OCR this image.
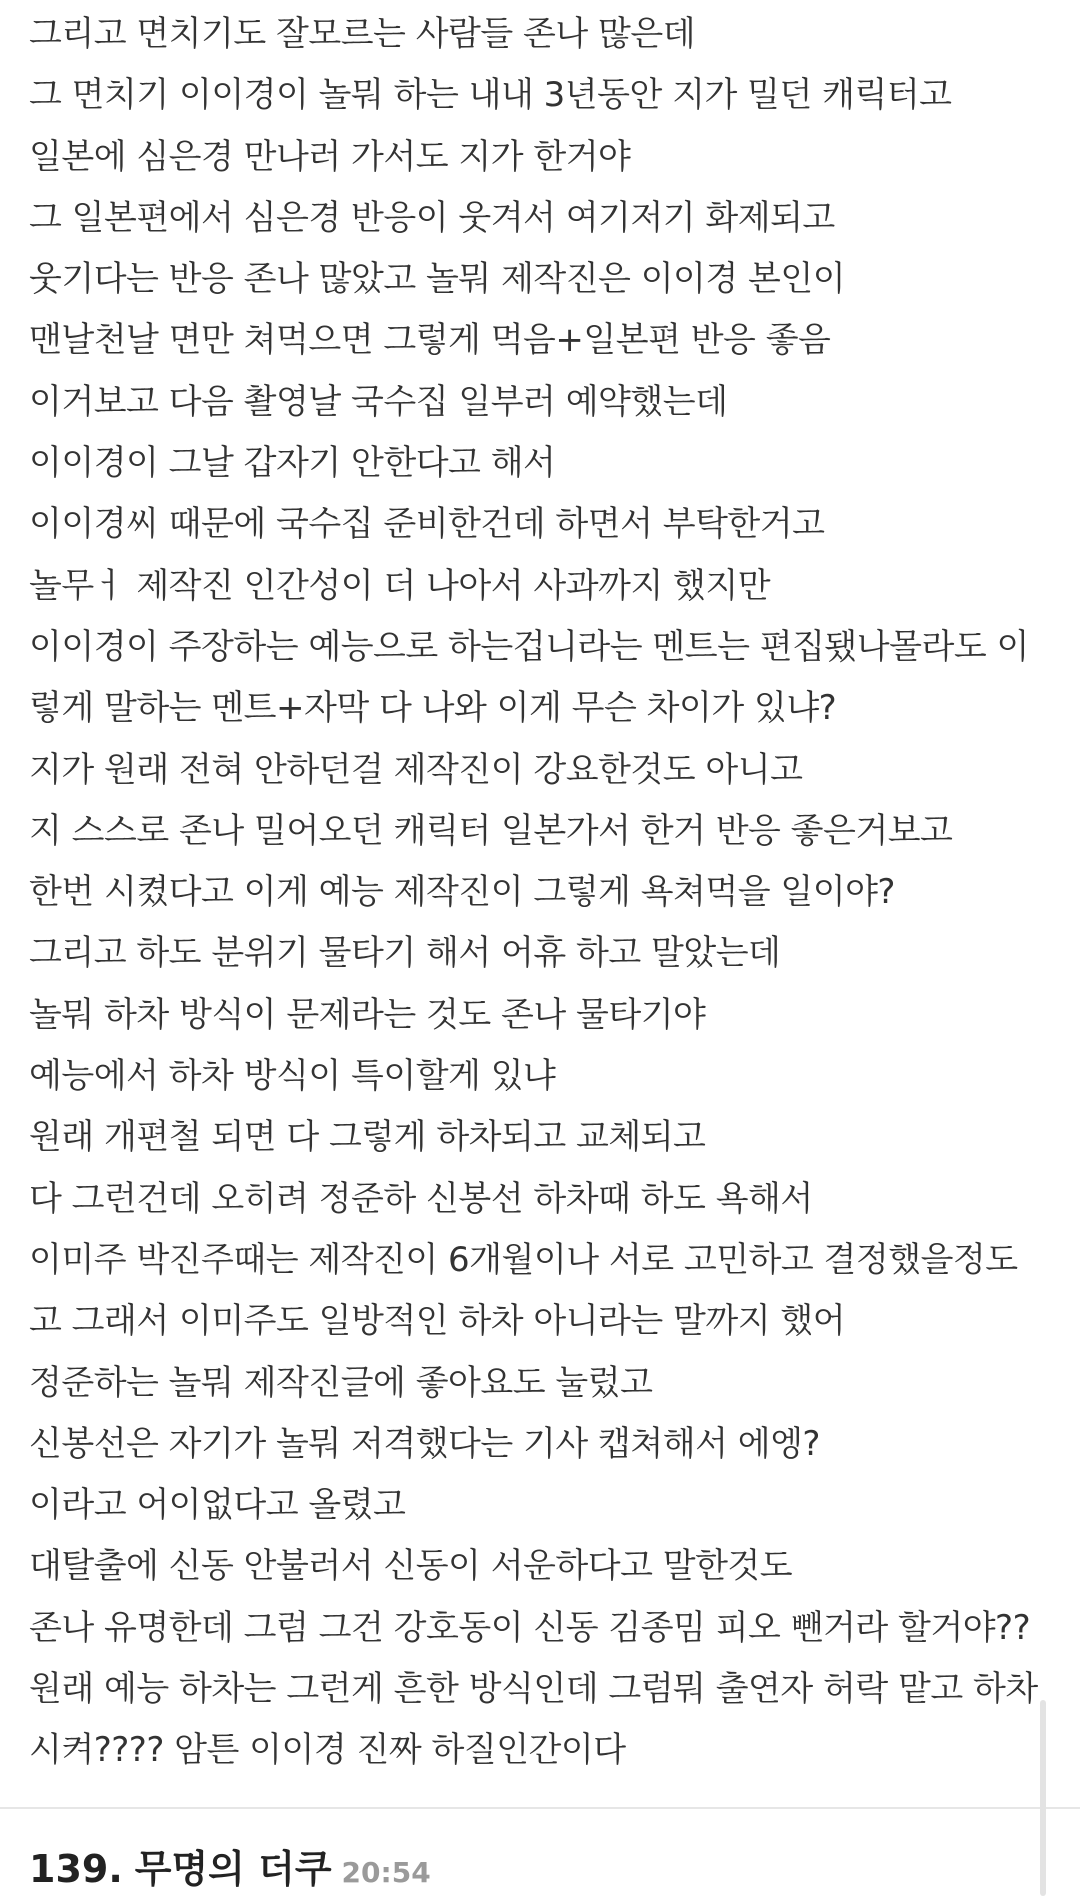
그리고 면치기도 잘모르는 사람들 존나 많은데
그 면치기 이이경이 놀뭐 하는 내내 3년동안 지가 밀던 캐릭터고
일본에 심은경 만나러 가서도 지가 한거야
그 일본편에서 심은경 반응이 웃겨서 여기저기 화제되고
웃기다는 반응 존나 많았고 놀뭐 제작진은 이이경 본인이
맨날천날 면만 쳐먹으면 그렇게 먹음+일본편 반응 좋음
이거보고 다음 촬영날 국수집 일부러 예약했는데
이이경이 그날 갑자기 안한다고 해서
이이경씨 때문에 국수집 준비한건데 하면서 부탁한거고
놀무ㅓ 제작진 인간성이 더 나아서 사과까지 했지만
이이경이 주장하는 예능으로 하는겁니라는 멘트는 편집됐나몰라도 이
렇게 말하는 멘트+자막 다 나와 이게 무슨 차이가 있냐?
지가 원래 전혀 안하던걸 제작진이 강요한것도 아니고
지 스스로 존나 밀어오던 캐릭터 일본가서 한거 반응 좋은거보고
한번 시켰다고 이게 예능 제작진이 그렇게 욕쳐먹을 일이야?
그리고 하도 분위기 물타기 해서 어휴 하고 말았는데
놀뭐 하차 방식이 문제라는 것도 존나 물타기야
예능에서 하차 방식이 특이할게 있냐
원래 개편철 되면 다 그렇게 하차되고 교체되고
다 그런건데 오히려 정준하 신봉선 하차때 하도 욕해서
이미주 박진주때는 제작진이 6개월이나 서로 고민하고 결정했을정도
고 그래서 이미주도 일방적인 하차 아니라는 말까지 했어
정준하는 놀뭐 제작진글에 좋아요도 눌렀고
신봉선은 자기가 놀뭐 저격했다는 기사 캡쳐해서 에엥?
이라고 어이없다고 올렸고
대탈출에 신동 안불러서 신동이 서운하다고 말한것도
존나 유명한데 그럼 그건 강호동이 신동 김종밈 피오 뺀거라 할거야??
원래 예능 하차는 그런게 흔한 방식인데 그럼뭐 출연자 허락 맡고 하차
시켜???? 암튼 이이경 진짜 하질인간이다
139. 무명의 더쿠 20:54
